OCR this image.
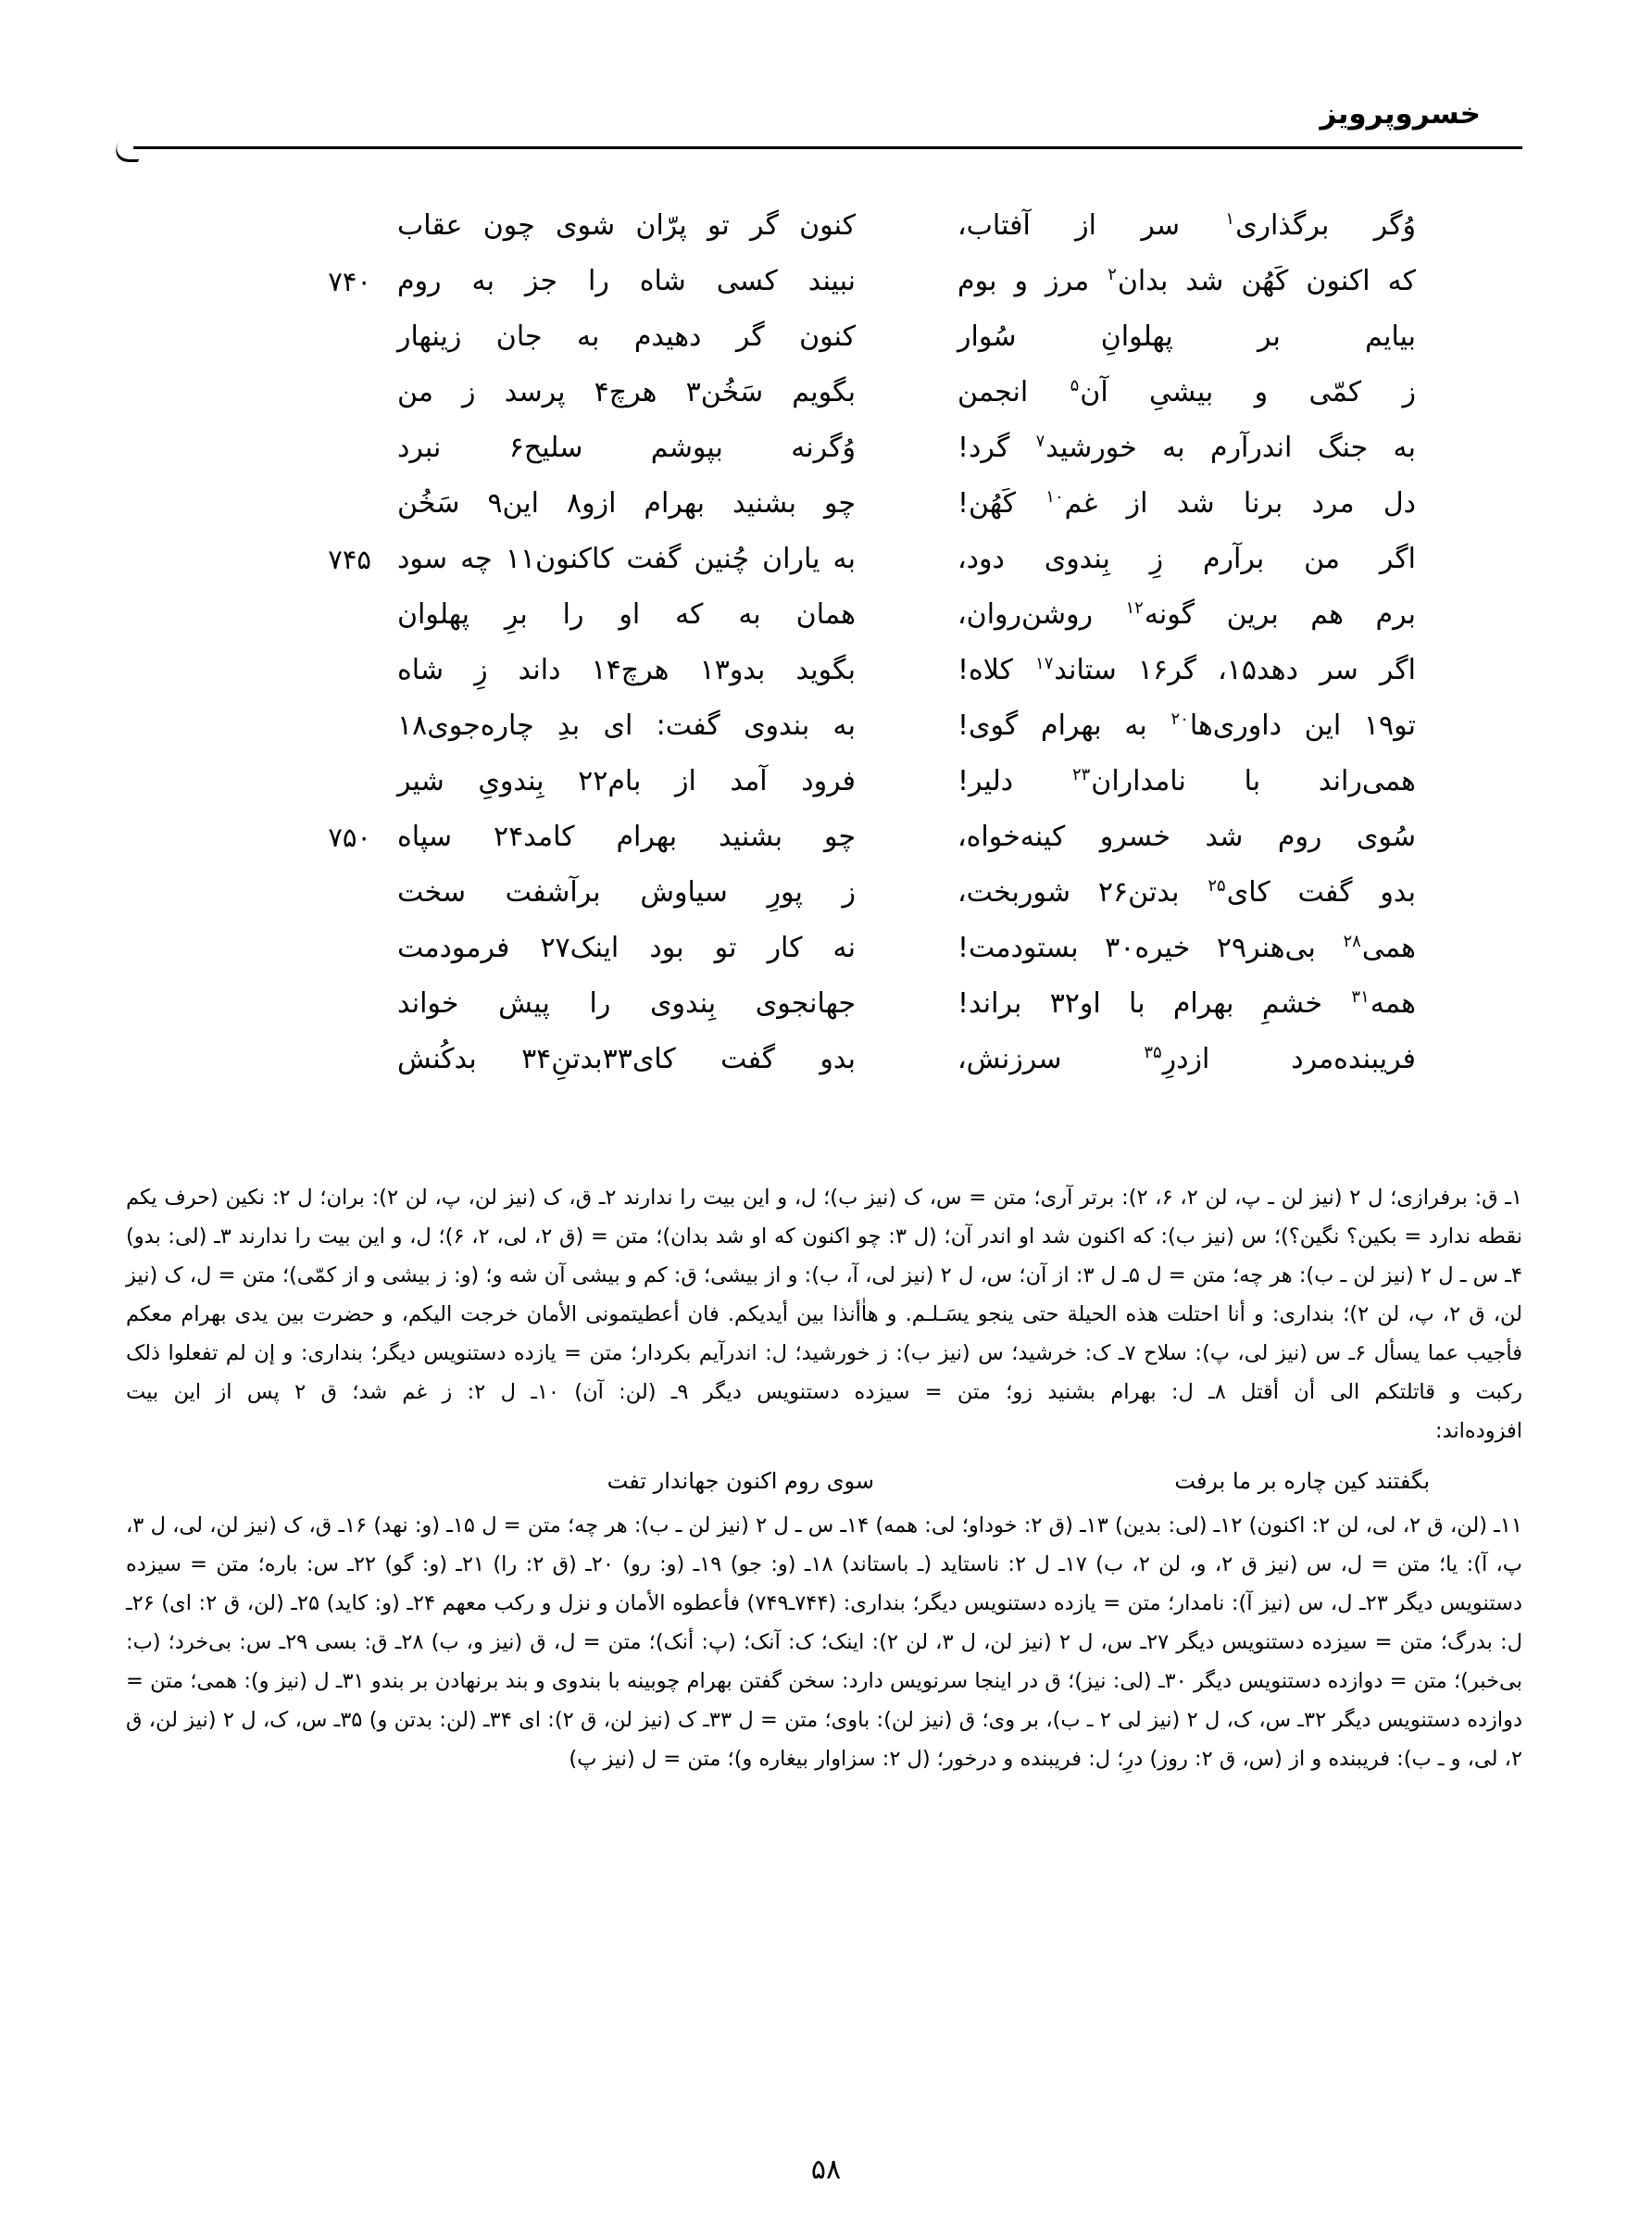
خسروپرویز
کنون گر تو پرّان شوی چون عقاب	وُگر برگذاری$^۱$ سر از آفتاب،
۷۴۰ نبیند کسی شاه را جز به روم	که اکنون کَهُن شد بدان$^۲$ مرز و بوم
کنون گر دهیدم به جان زینهار	بیایم بر پهلوانِ سُوار
بگویم سَخُن۳ هرچ۴ پرسد ز من	ز کمّی و بیشیِ آن$^۵$ انجمن
وُگرنه بپوشم سلیح۶ نبرد	به جنگ اندرآرم به خورشید$^۷$ گرد!
چو بشنید بهرام ازو۸ این۹ سَخُن	دل مرد برنا شد از غم$^{۱۰}$ کَهُن!
۷۴۵ به یاران چُنین گفت کاکنون۱۱ چه سود	اگر من برآرم زِ بِندوی دود،
همان به که او را برِ پهلوان	برم هم برین گونه$^{۱۲}$ روشن‌روان،
بگوید بدو۱۳ هرچ۱۴ داند زِ شاه	اگر سر دهد۱۵، گر۱۶ ستاند$^{۱۷}$ کلاه!
به بندوی گفت: ای بدِ چاره‌جوی۱۸	تو۱۹ این داوری‌ها$^{۲۰}$ به بهرام گوی!
فرود آمد از بام۲۲ بِندویِ شیر	همی‌راند با نامداران$^{۲۳}$ دلیر!
۷۵۰ چو بشنید بهرام کامد۲۴ سپاه	سُوی روم شد خسرو کینه‌خواه،
ز پورِ سیاوش برآشفت سخت	بدو گفت کای$^{۲۵}$ بدتن۲۶ شوربخت،
نه کار تو بود اینک۲۷ فرمودمت	همی$^{۲۸}$ بی‌هنر۲۹ خیره۳۰ بستودمت!
جهانجوی بِندوی را پیش خواند	همه$^{۳۱}$ خشمِ بهرام با او۳۲ براند!
بدو گفت کای۳۳بدتنِ۳۴ بدکُنش	فریبنده‌مرد ازدرِ$^{۳۵}$ سرزنش،

۱ـ ق: برفرازی؛ ل ۲ (نیز لن ـ پ، لن ۲، ۶، ۲): برتر آری؛ متن = س، ک (نیز ب)؛ ل، و این بیت را ندارند ۲ـ ق، ک (نیز لن، پ، لن ۲): بران؛ ل ۲: نکین (حرف یکم نقطه ندارد = بکین؟ نگین؟)؛ س (نیز ب): که اکنون شد او اندر آن؛ (ل ۳: چو اکنون که او شد بدان)؛ متن = (ق ۲، لی، ۲، ۶)؛ ل، و این بیت را ندارند ۳ـ (لی: بدو) ۴ـ س ـ ل ۲ (نیز لن ـ ب): هر چه؛ متن = ل ۵ـ ل ۳: از آن؛ س، ل ۲ (نیز لی، آ، ب): و از بیشی؛ ق: کم و بیشی آن شه و؛ (و: ز بیشی و از کمّی)؛ متن = ل، ک (نیز لن، ق ۲، پ، لن ۲)؛ بنداری: و أنا احتلت هذه الحیلة حتی ینجو یسَـلـم. و هاٰأنذا بین أیدیکم. فان أعطیتمونی الأمان خرجت الیکم، و حضرت بین یدی بهرام معکم فأجیب عما یسأل ۶ـ س (نیز لی، پ): سلاح ۷ـ ک: خرشید؛ س (نیز ب): ز خورشید؛ ل: اندرآیم بکردار؛ متن = یازده دستنویس دیگر؛ بنداری: و إن لم تفعلوا ذلک رکبت و قاتلتکم الی أن أقتل ۸ـ ل: بهرام بشنید زو؛ متن = سیزده دستنویس دیگر ۹ـ (لن: آن) ۱۰ـ ل ۲: ز غم شد؛ ق ۲ پس از این بیت

افزوده‌اند:

بگفتند کین چاره بر ما برفت
سوی روم اکنون جهاندار تفت

۱۱ـ (لن، ق ۲، لی، لن ۲: اکنون) ۱۲ـ (لی: بدین) ۱۳ـ (ق ۲: خوداو؛ لی: همه) ۱۴ـ س ـ ل ۲ (نیز لن ـ ب): هر چه؛ متن = ل ۱۵ـ (و: نهد) ۱۶ـ ق، ک (نیز لن، لی، ل ۳، پ، آ): یا؛ متن = ل، س (نیز ق ۲، و، لن ۲، ب) ۱۷ـ ل ۲: ناستاید (ـ باستاند) ۱۸ـ (و: جو) ۱۹ـ (و: رو) ۲۰ـ (ق ۲: را) ۲۱ـ (و: گو) ۲۲ـ س: باره؛ متن = سیزده دستنویس دیگر ۲۳ـ ل، س (نیز آ): نامدار؛ متن = یازده دستنویس دیگر؛ بنداری: (۷۴۴ـ۷۴۹) فأعطوه الأمان و نزل و رکب معهم ۲۴ـ (و: کاید) ۲۵ـ (لن، ق ۲: ای) ۲۶ـ ل: بدرگ؛ متن = سیزده دستنویس دیگر ۲۷ـ س، ل ۲ (نیز لن، ل ۳، لن ۲): اینک؛ ک: آنک؛ (پ: أنک)؛ متن = ل، ق (نیز و، ب) ۲۸ـ ق: بسی ۲۹ـ س: بی‌خرد؛ (ب: بی‌خبر)؛ متن = دوازده دستنویس دیگر ۳۰ـ (لی: نیز)؛ ق در اینجا سرنویس دارد: سخن گفتن بهرام چوبینه با بندوی و بند برنهادن بر بندو ۳۱ـ ل (نیز و): همی؛ متن = دوازده دستنویس دیگر ۳۲ـ س، ک، ل ۲ (نیز لی ۲ ـ ب)، بر وی؛ ق (نیز لن): باوی؛ متن = ل ۳۳ـ ک (نیز لن، ق ۲): ای ۳۴ـ (لن: بدتن و) ۳۵ـ س، ک، ل ۲ (نیز لن، ق ۲، لی، و ـ ب): فریبنده و از (س، ق ۲: روز) درِ؛ ل: فریبنده و درخور؛ (ل ۲: سزاوار بیغاره و)؛ متن = ل (نیز پ)

۵۸
